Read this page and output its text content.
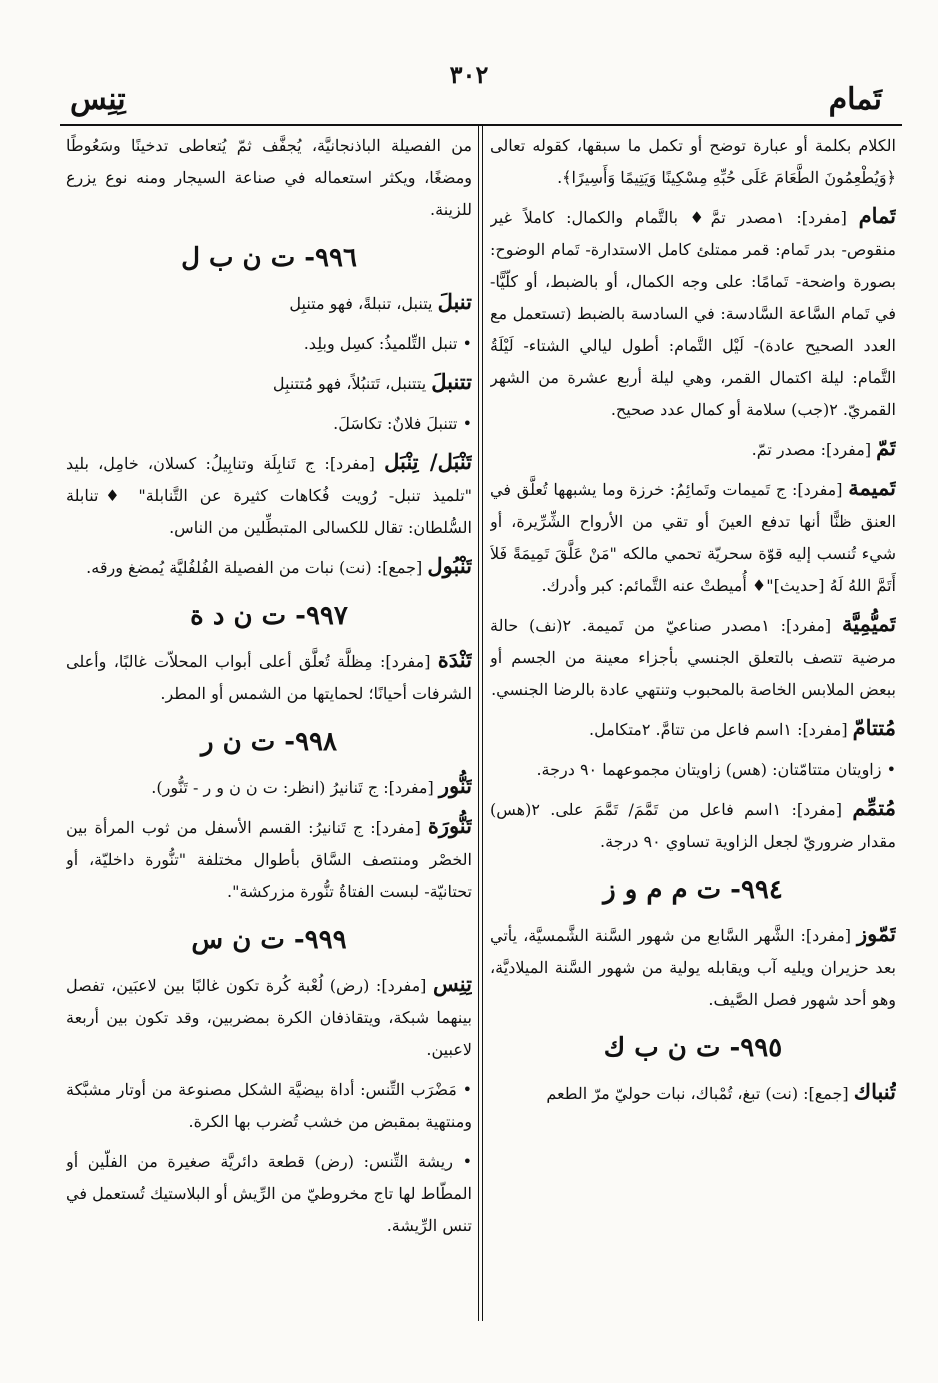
٣٠٢
تَمام
تِنِس

الكلام بكلمة أو عبارة توضح أو تكمل ما سبقها، كقوله تعالى ﴿وَيُطْعِمُونَ الطَّعَامَ عَلَى حُبِّهِ مِسْكِينًا وَيَتِيمًا وَأَسِيرًا﴾.

تَمام [مفرد]: ١مصدر تمَّ♦ بالتَّمام والكمال: كاملاً غير منقوص- بدر تَمام: قمر ممتلئ كامل الاستدارة- تَمام الوضوح: بصورة واضحة- تَمامًا: على وجه الكمال، أو بالضبط، أو كلّيًّا- في تَمام السَّاعة السَّادسة: في السادسة بالضبط (تستعمل مع العدد الصحيح عادة)- لَيْل التَّمام: أطول ليالي الشتاء- لَيْلَةُ التَّمام: ليلة اكتمال القمر، وهي ليلة أربع عشرة من الشهر القمريّ. ٢(جب) سلامة أو كمال عدد صحيح.

تَمّ [مفرد]: مصدر تمّ.

تَميمة [مفرد]: ج تَميمات وتَمائِمُ: خرزة وما يشبهها تُعلَّق في العنق ظنًّا أنها تدفع العينَ أو تقي من الأرواح الشِّرِّيرة، أو شيء تُنسب إليه قوّة سحريّة تحمي مالكه "مَنْ عَلَّقَ تَمِيمَةً فَلاَ أَتَمَّ اللهُ لَهُ [حديث]"♦ أُميطتْ عنه التَّمائم: كبر وأدرك.

تَميُّمِيَّة [مفرد]: ١مصدر صناعيّ من تَميمة. ٢(نف) حالة مرضية تتصف بالتعلق الجنسي بأجزاء معينة من الجسم أو ببعض الملابس الخاصة بالمحبوب وتنتهي عادة بالرضا الجنسي.

مُتتامّ [مفرد]: ١اسم فاعل من تتامَّ. ٢متكامل.

• زاويتان متتامّتان: (هس) زاويتان مجموعهما ٩٠ درجة.

مُتمِّم [مفرد]: ١اسم فاعل من تَمَّمَ/ تَمَّمَ على. ٢(هس) مقدار ضروريّ لجعل الزاوية تساوي ٩٠ درجة.

٩٩٤- ت م م و ز

تَمّوز [مفرد]: الشَّهر السَّابع من شهور السَّنة الشَّمسيَّة، يأتي بعد حزيران ويليه آب ويقابله يولية من شهور السَّنة الميلاديَّة، وهو أحد شهور فصل الصَّيف.

٩٩٥- ت ن ب ك

تُنباك [جمع]: (نت) تبغ، تُمْباك، نبات حوليّ مرّ الطعم

من الفصيلة الباذنجانيَّة، يُجفَّف ثمّ يُتعاطى تدخينًا وسَعُوطًا ومضغًا، ويكثر استعماله في صناعة السيجار ومنه نوع يزرع للزينة.

٩٩٦- ت ن ب ل

تنبلَ يتنبل، تنبلةً، فهو متنبِل

• تنبل التِّلميذُ: كسِل وبلِد.

تتنبلَ يتتنبل، تَتنبُلاً، فهو مُتتنبِل

• تتنبلَ فلانٌ: تكاسَلَ.

تَنْبَل/ تِنْبَل [مفرد]: ج تَنابِلَة وتنابِيلُ: كسلان، خامِل، بليد "تلميذ تنبل- رُويت فُكاهات كثيرة عن التَّنابلة" ♦تنابلة السُّلطان: تقال للكسالى المتبطِّلين من الناس.

تَنْبُول [جمع]: (نت) نبات من الفصيلة الفُلفُليَّة يُمضغ ورقه.

٩٩٧- ت ن د ة

تَنْدَة [مفرد]: مِظلَّة تُعلَّق أعلى أبواب المحلاّت غالبًا، وأعلى الشرفات أحيانًا؛ لحمايتها من الشمس أو المطر.

٩٩٨- ت ن ر

تَنُّور [مفرد]: ج تَنانيرُ (انظر: ت ن ن و ر - تَنُّور).

تَنُّورَة [مفرد]: ج تَنانيرُ: القسم الأسفل من ثوب المرأة بين الخصْر ومنتصف السَّاق بأطوال مختلفة "تنُّورة داخليّة، أو تحتانيّة- لبست الفتاةُ تنُّورة مزركشة".

٩٩٩- ت ن س

تِنِس [مفرد]: (رض) لُعْبة كُرة تكون غالبًا بين لاعبَين، تفصل بينهما شبكة، ويتقاذفان الكرة بمضربين، وقد تكون بين أربعة لاعبين.

• مَضْرَب التِّنس: أداة بيضيَّة الشكل مصنوعة من أوتار مشبَّكة ومنتهية بمقبض من خشب تُضرب بها الكرة.

• ريشة التِّنس: (رض) قطعة دائريَّة صغيرة من الفلّين أو المطّاط لها تاج مخروطيّ من الرِّيش أو البلاستيك تُستعمل في تنس الرِّيشة.
